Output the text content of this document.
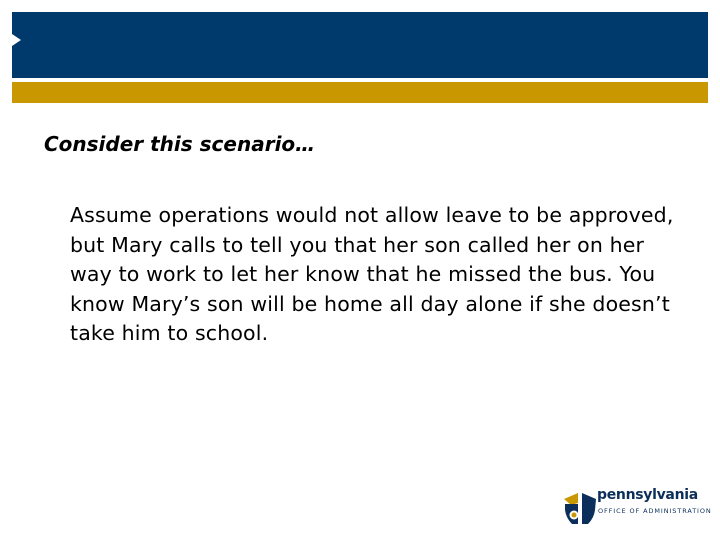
Consider this scenario…

Assume operations would not allow leave to be approved, but Mary calls to tell you that her son called her on her way to work to let her know that he missed the bus. You know Mary’s son will be home all day alone if she doesn’t take him to school.

pennsylvania
OFFICE OF ADMINISTRATION
